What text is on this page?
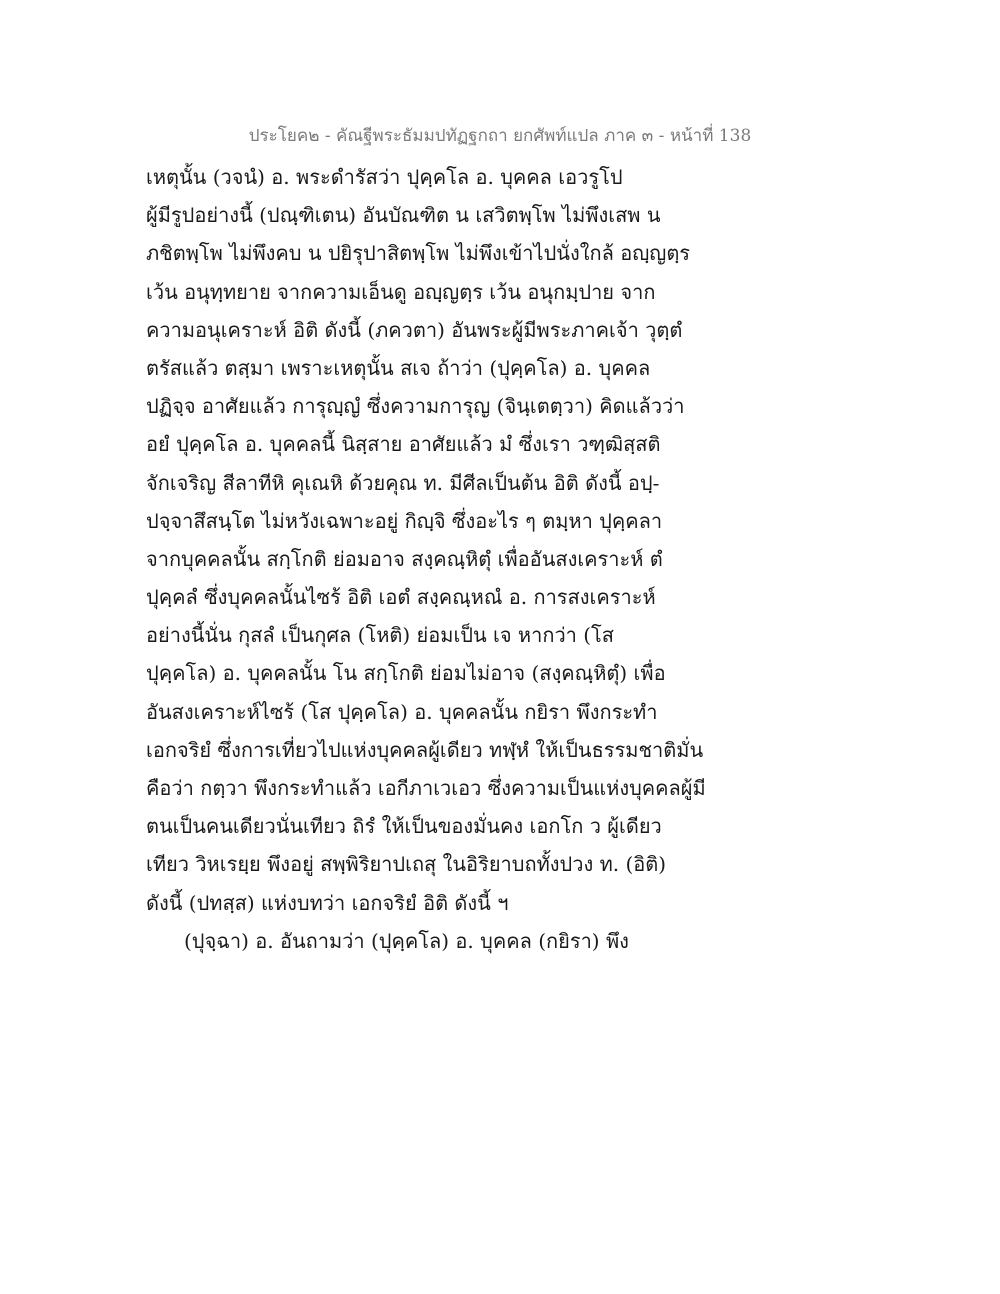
ประโยค๒ - คัณฐีพระธัมมปทัฏฐกถา ยกศัพท์แปล ภาค ๓ - หน้าที่ 138
เหตุนั้น (วจนํ) อ. พระดำรัสว่า ปุคฺคโล อ. บุคคล เอวรูโป
ผู้มีรูปอย่างนี้ (ปณฺฑิเตน) อันบัณฑิต น เสวิตพฺโพ ไม่พึงเสพ น
ภชิตพฺโพ ไม่พึงคบ น ปยิรุปาสิตพฺโพ ไม่พึงเข้าไปนั่งใกล้ อญฺญตฺร
เว้น อนุทฺทยาย จากความเอ็นดู อญฺญตฺร เว้น อนุกมฺปาย จาก
ความอนุเคราะห์ อิติ ดังนี้ (ภควตา) อันพระผู้มีพระภาคเจ้า วุตฺตํ
ตรัสแล้ว ตสฺมา เพราะเหตุนั้น สเจ ถ้าว่า (ปุคฺคโล) อ. บุคคล
ปฏิจฺจ อาศัยแล้ว การุญฺญํ ซึ่งความการุญ (จินฺเตตฺวา) คิดแล้วว่า
อยํ ปุคฺคโล อ. บุคคลนี้ นิสฺสาย อาศัยแล้ว มํ ซึ่งเรา วฑฺฒิสฺสติ
จักเจริญ สีลาทีหิ คุเณหิ ด้วยคุณ ท. มีศีลเป็นต้น อิติ ดังนี้ อปฺ-
ปจฺจาสึสนฺโต ไม่หวังเฉพาะอยู่ กิญฺจิ ซึ่งอะไร ๆ ตมฺหา ปุคฺคลา
จากบุคคลนั้น สกฺโกติ ย่อมอาจ สงฺคณฺหิตุํ เพื่ออันสงเคราะห์ ตํ
ปุคฺคลํ ซึ่งบุคคลนั้นไซร้ อิติ เอตํ สงฺคณฺหณํ อ. การสงเคราะห์
อย่างนี้นั่น กุสลํ เป็นกุศล (โหติ) ย่อมเป็น เจ หากว่า (โส
ปุคฺคโล) อ. บุคคลนั้น โน สกฺโกติ ย่อมไม่อาจ (สงฺคณฺหิตุํ) เพื่อ
อันสงเคราะห์ไซร้ (โส ปุคฺคโล) อ. บุคคลนั้น กยิรา พึงกระทำ
เอกจริยํ ซึ่งการเที่ยวไปแห่งบุคคลผู้เดียว ทฬฺหํ ให้เป็นธรรมชาติมั่น
คือว่า กตฺวา พึงกระทำแล้ว เอกีภาเวเอว ซึ่งความเป็นแห่งบุคคลผู้มี
ตนเป็นคนเดียวนั่นเทียว ถิรํ ให้เป็นของมั่นคง เอกโก ว ผู้เดียว
เทียว วิหเรยฺย พึงอยู่ สพฺพิริยาปเถสุ ในอิริยาบถทั้งปวง ท. (อิติ)
ดังนี้ (ปทสฺส) แห่งบทว่า เอกจริยํ อิติ ดังนี้ ฯ
(ปุจฺฉา) อ. อันถามว่า (ปุคฺคโล) อ. บุคคล (กยิรา) พึง
